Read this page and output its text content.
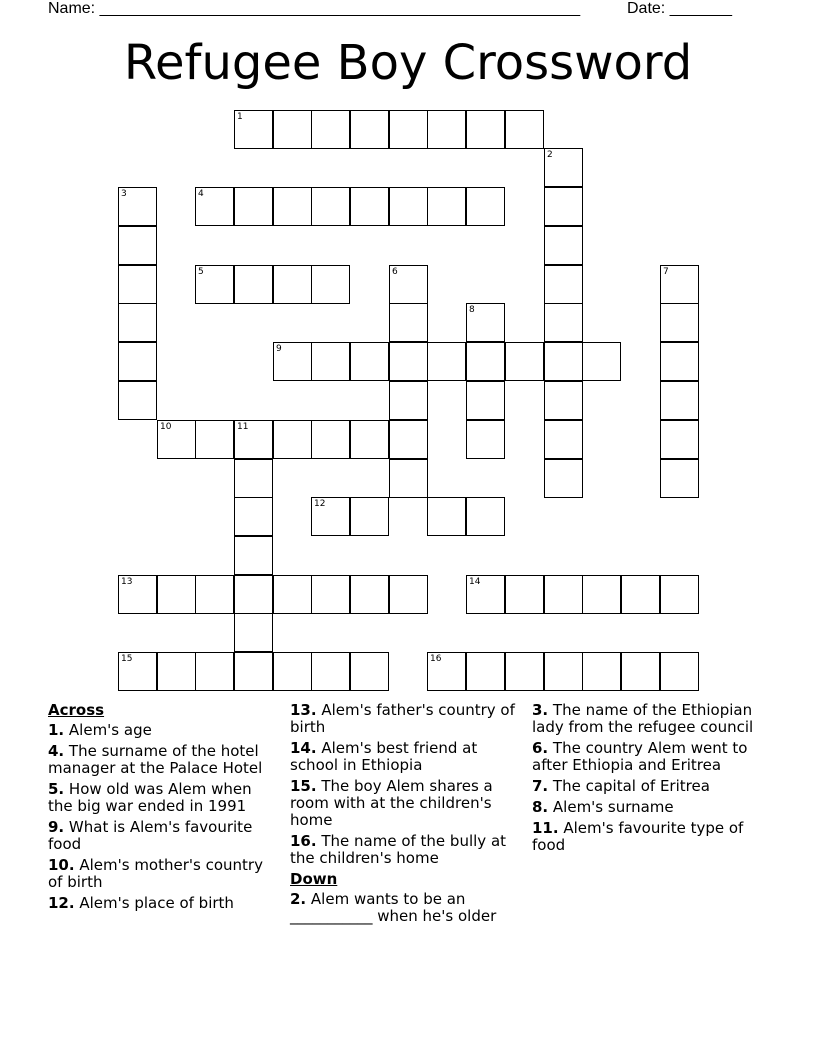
Name: ______________________________________________________	Date: _______
Refugee Boy Crossword
1
2
3	4
5	6	7
8
9
10	11
12
13	14
15	16
Across
1. Alem's age
4. The surname of the hotel manager at the Palace Hotel
5. How old was Alem when the big war ended in 1991
9. What is Alem's favourite food
10. Alem's mother's country of birth
12. Alem's place of birth
13. Alem's father's country of birth
14. Alem's best friend at school in Ethiopia
15. The boy Alem shares a room with at the children's home
16. The name of the bully at the children's home
Down
2. Alem wants to be an ___________ when he's older
3. The name of the Ethiopian lady from the refugee council
6. The country Alem went to after Ethiopia and Eritrea
7. The capital of Eritrea
8. Alem's surname
11. Alem's favourite type of food
